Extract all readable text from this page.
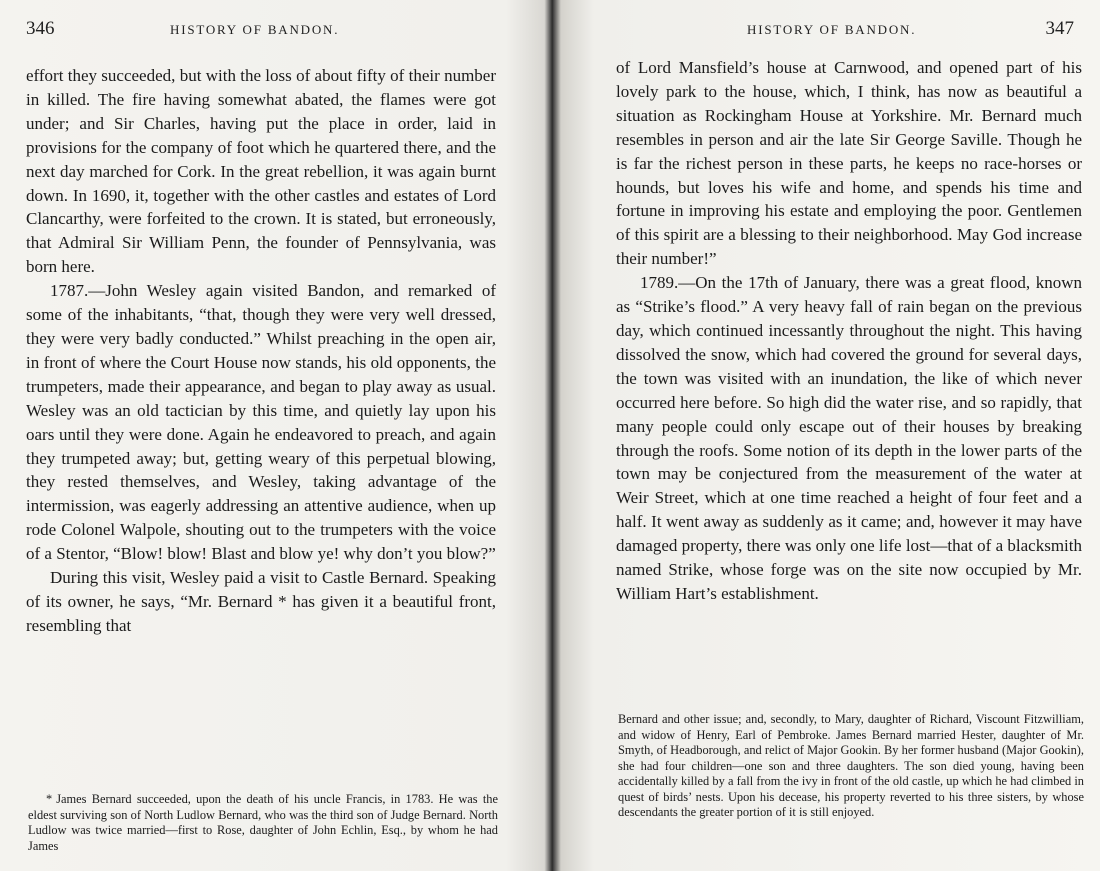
346	HISTORY OF BANDON.

effort they succeeded, but with the loss of about fifty of their number in killed. The fire having somewhat abated, the flames were got under; and Sir Charles, having put the place in order, laid in provisions for the company of foot which he quartered there, and the next day marched for Cork. In the great rebellion, it was again burnt down. In 1690, it, together with the other castles and estates of Lord Clancarthy, were forfeited to the crown. It is stated, but erroneously, that Admiral Sir William Penn, the founder of Pennsylvania, was born here.

1787.—John Wesley again visited Bandon, and remarked of some of the inhabitants, “that, though they were very well dressed, they were very badly conducted.” Whilst preaching in the open air, in front of where the Court House now stands, his old opponents, the trumpeters, made their appearance, and began to play away as usual. Wesley was an old tactician by this time, and quietly lay upon his oars until they were done. Again he endeavored to preach, and again they trumpeted away; but, getting weary of this perpetual blowing, they rested themselves, and Wesley, taking advantage of the intermission, was eagerly addressing an attentive audience, when up rode Colonel Walpole, shouting out to the trumpeters with the voice of a Stentor, “Blow! blow! Blast and blow ye! why don’t you blow?”

During this visit, Wesley paid a visit to Castle Bernard. Speaking of its owner, he says, “Mr. Bernard * has given it a beautiful front, resembling that

* James Bernard succeeded, upon the death of his uncle Francis, in 1783. He was the eldest surviving son of North Ludlow Bernard, who was the third son of Judge Bernard. North Ludlow was twice married—first to Rose, daughter of John Echlin, Esq., by whom he had James
HISTORY OF BANDON.	347

of Lord Mansfield’s house at Carnwood, and opened part of his lovely park to the house, which, I think, has now as beautiful a situation as Rockingham House at Yorkshire. Mr. Bernard much resembles in person and air the late Sir George Saville. Though he is far the richest person in these parts, he keeps no race-horses or hounds, but loves his wife and home, and spends his time and fortune in improving his estate and employing the poor. Gentlemen of this spirit are a blessing to their neighborhood. May God increase their number!”

1789.—On the 17th of January, there was a great flood, known as “Strike’s flood.” A very heavy fall of rain began on the previous day, which continued incessantly throughout the night. This having dissolved the snow, which had covered the ground for several days, the town was visited with an inundation, the like of which never occurred here before. So high did the water rise, and so rapidly, that many people could only escape out of their houses by breaking through the roofs. Some notion of its depth in the lower parts of the town may be conjectured from the measurement of the water at Weir Street, which at one time reached a height of four feet and a half. It went away as suddenly as it came; and, however it may have damaged property, there was only one life lost—that of a blacksmith named Strike, whose forge was on the site now occupied by Mr. William Hart’s establishment.

Bernard and other issue; and, secondly, to Mary, daughter of Richard, Viscount Fitzwilliam, and widow of Henry, Earl of Pembroke. James Bernard married Hester, daughter of Mr. Smyth, of Headborough, and relict of Major Gookin. By her former husband (Major Gookin), she had four children—one son and three daughters. The son died young, having been accidentally killed by a fall from the ivy in front of the old castle, up which he had climbed in quest of birds’ nests. Upon his decease, his property reverted to his three sisters, by whose descendants the greater portion of it is still enjoyed.
